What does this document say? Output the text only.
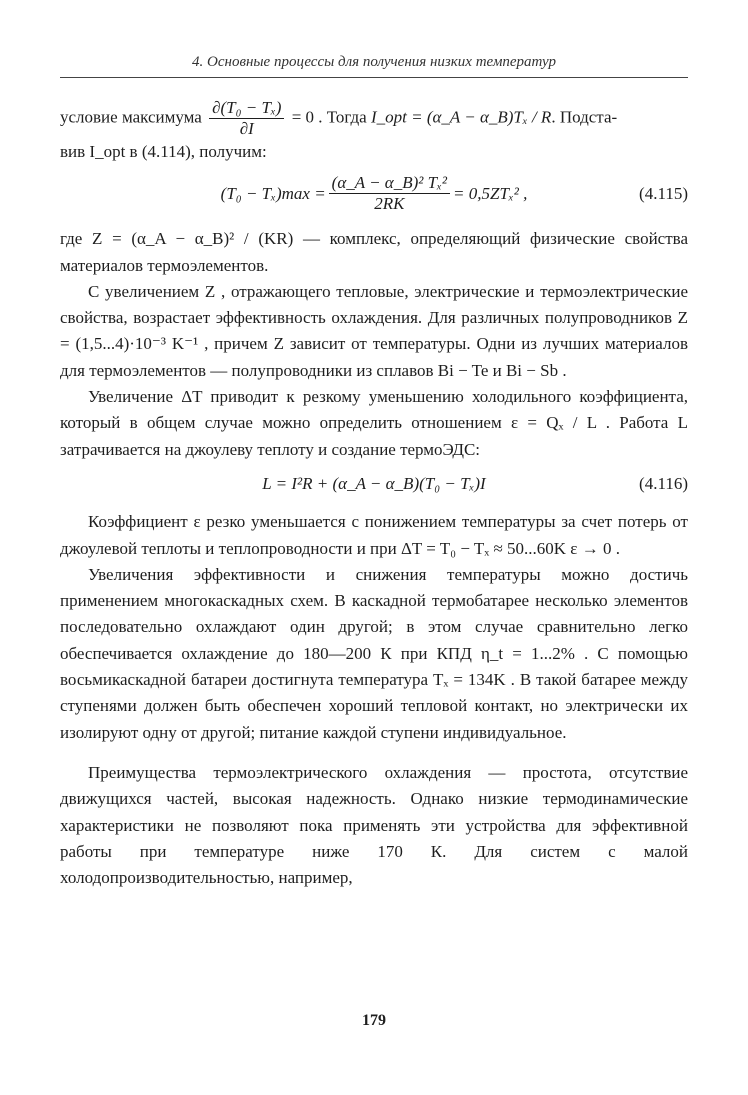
4. Основные процессы для получения низких температур

условие максимума $\frac{\text{∂(T₀ − Tₓ)}}{\partial I} = 0$ . Тогда I_opt = (α_A − α_B)Tₓ / R. Подста-

вив I_opt в (4.114), получим:

$(T_0 - T_x)\max = \frac{\text{(α\_A − α\_B)² Tₓ²}}{2RK} = 0,5ZT_x^2$ ,	(4.115)

где Z = (α_A − α_B)² / (KR) — комплекс, определяющий физические свойства материалов термоэлементов.

С увеличением Z , отражающего тепловые, электрические и термоэлектрические свойства, возрастает эффективность охлаждения. Для различных полупроводников Z = (1,5...4)·10⁻³ K⁻¹ , причем Z зависит от температуры. Одни из лучших материалов для термоэлементов — полупроводники из сплавов Bi − Te и Bi − Sb .

Увеличение ΔT приводит к резкому уменьшению холодильного коэффициента, который в общем случае можно определить отношением ε = Qₓ / L . Работа L затрачивается на джоулеву теплоту и создание термоЭДС:

L = I²R + (α_A − α_B)(T₀ − Tₓ)I	(4.116)

Коэффициент ε резко уменьшается с понижением температуры за счет потерь от джоулевой теплоты и теплопроводности и при ΔT = T₀ − Tₓ ≈ 50...60K ε → 0 .

Увеличения эффективности и снижения температуры можно достичь применением многокаскадных схем. В каскадной термобатарее несколько элементов последовательно охлаждают один другой; в этом случае сравнительно легко обеспечивается охлаждение до 180—200 К при КПД η_t = 1...2% . С помощью восьмикаскадной батареи достигнута температура Tₓ = 134K . В такой батарее между ступенями должен быть обеспечен хороший тепловой контакт, но электрически их изолируют одну от другой; питание каждой ступени индивидуальное.

Преимущества термоэлектрического охлаждения — простота, отсутствие движущихся частей, высокая надежность. Однако низкие термодинамические характеристики не позволяют пока применять эти устройства для эффективной работы при температуре ниже 170 К. Для систем с малой холодопроизводительностью, например,

179
